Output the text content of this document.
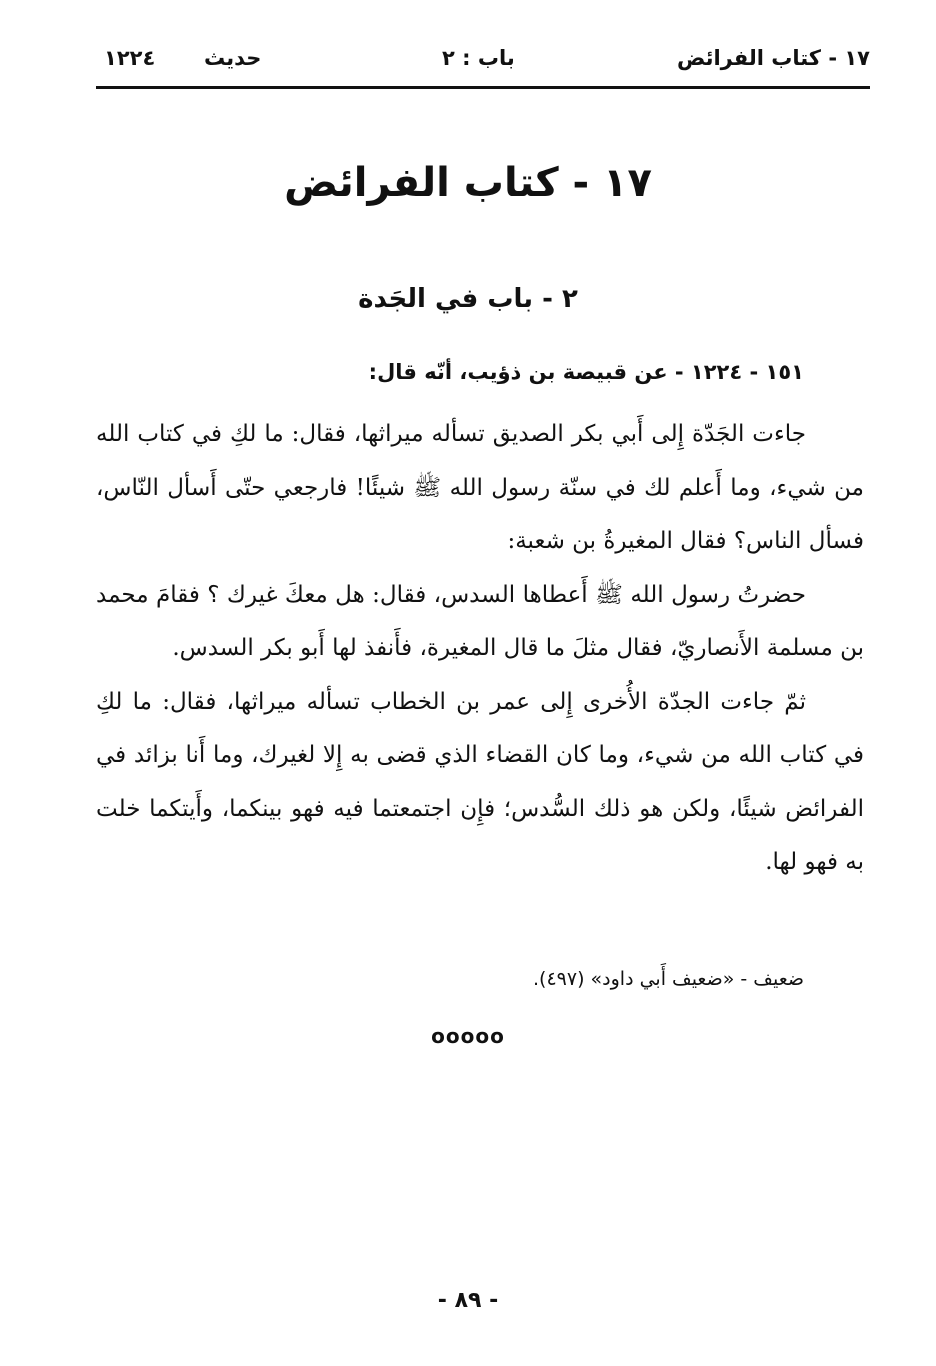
١٧ - كتاب الفرائض
باب : ٢
حديث
١٢٢٤
١٧ - كتاب الفرائض
٢ - باب في الجَدة
١٥١ - ١٢٢٤ - عن قبيصة بن ذؤيب، أنّه قال:

جاءت الجَدّة إِلى أَبي بكر الصديق تسأله ميراثها، فقال: ما لكِ في كتاب الله من شيء، وما أَعلم لك في سنّة رسول الله ﷺ شيئًا! فارجعي حتّى أَسأل النّاس، فسأل الناس؟ فقال المغيرةُ بن شعبة:

حضرتُ رسول الله ﷺ أَعطاها السدس، فقال: هل معكَ غيرك ؟ فقامَ محمد بن مسلمة الأَنصاريّ، فقال مثلَ ما قال المغيرة، فأَنفذ لها أَبو بكر السدس.

ثمّ جاءت الجدّة الأُخرى إِلى عمر بن الخطاب تسأله ميراثها، فقال: ما لكِ في كتاب الله من شيء، وما كان القضاء الذي قضى به إِلا لغيرك، وما أَنا بزائد في الفرائض شيئًا، ولكن هو ذلك السُّدس؛ فإِن اجتمعتما فيه فهو بينكما، وأَيتكما خلت به فهو لها.

ضعيف - «ضعيف أَبي داود» (٤٩٧).
ooooo
- ٨٩ -
